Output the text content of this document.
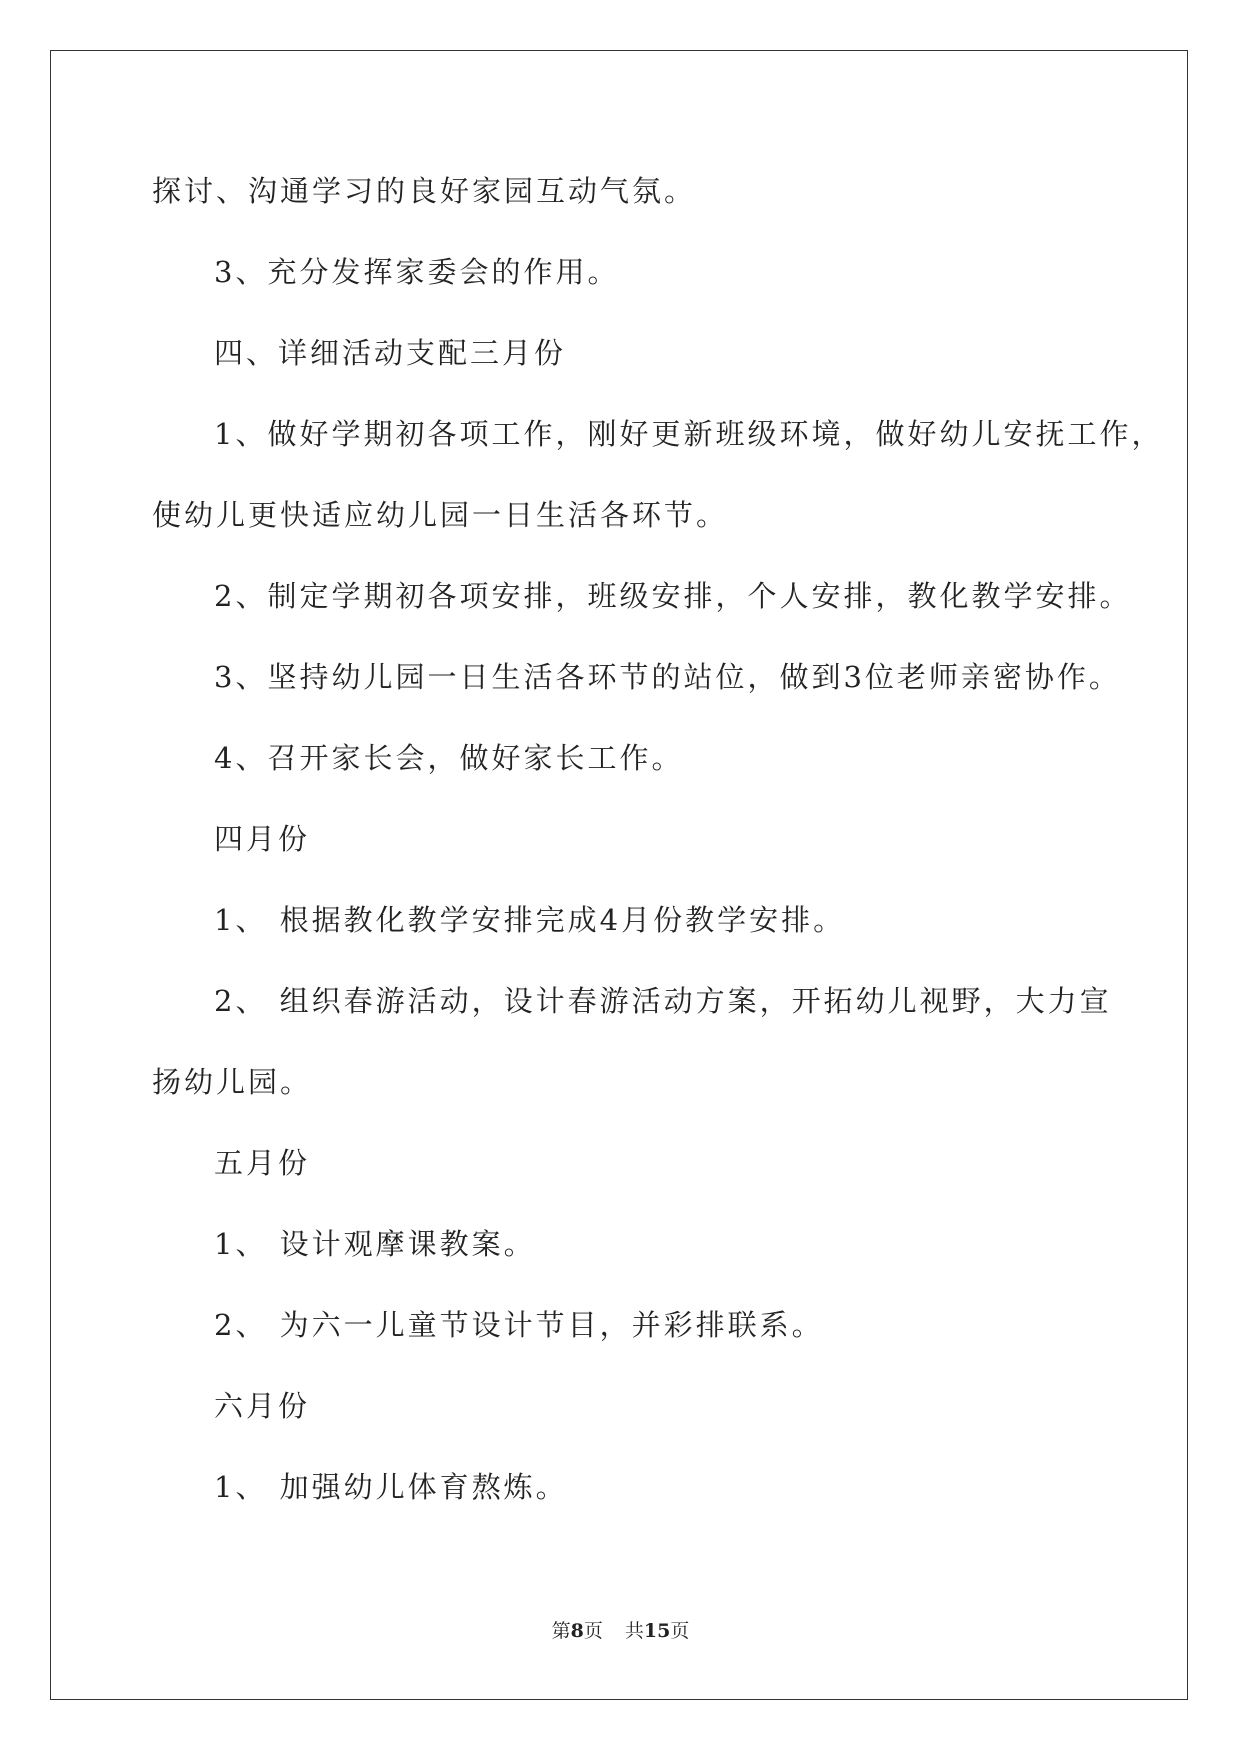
探讨、沟通学习的良好家园互动气氛。
3、充分发挥家委会的作用。
四、详细活动支配三月份
1、做好学期初各项工作，刚好更新班级环境，做好幼儿安抚工作，
使幼儿更快适应幼儿园一日生活各环节。
2、制定学期初各项安排，班级安排，个人安排，教化教学安排。
3、坚持幼儿园一日生活各环节的站位，做到3位老师亲密协作。
4、召开家长会，做好家长工作。
四月份
1、 根据教化教学安排完成4月份教学安排。
2、 组织春游活动，设计春游活动方案，开拓幼儿视野，大力宣
扬幼儿园。
五月份
1、 设计观摩课教案。
2、 为六一儿童节设计节目，并彩排联系。
六月份
1、 加强幼儿体育熬炼。
第8页 共15页
